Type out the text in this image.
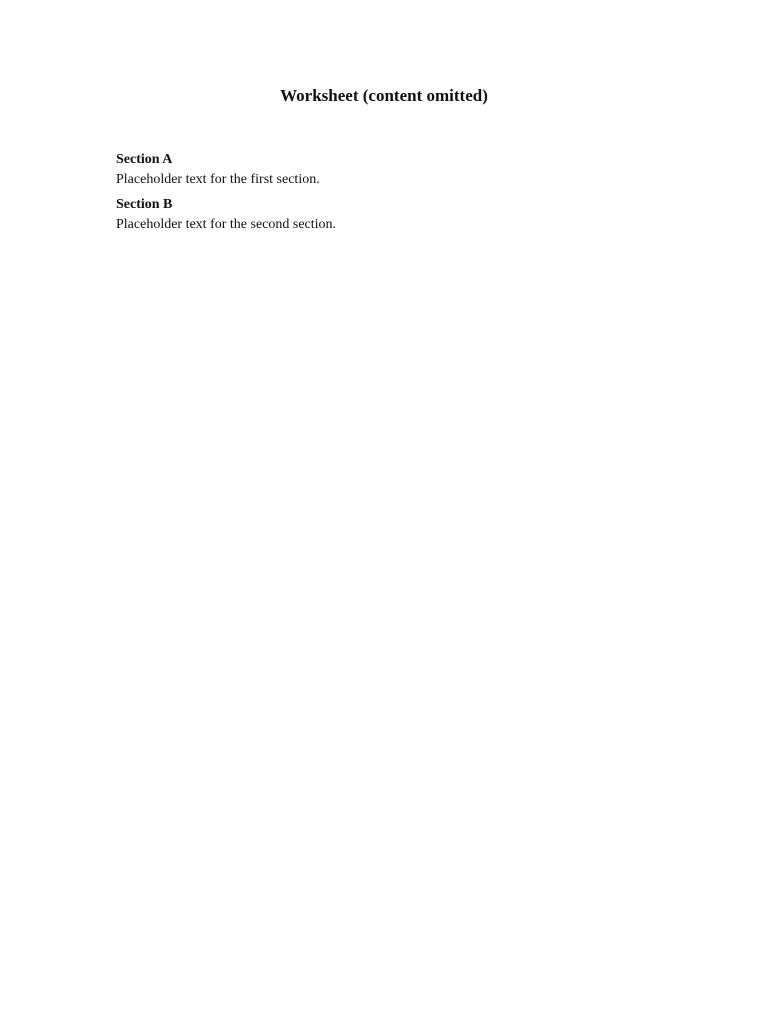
Worksheet (content omitted)
Section A
Placeholder text for the first section.
Section B
Placeholder text for the second section.
